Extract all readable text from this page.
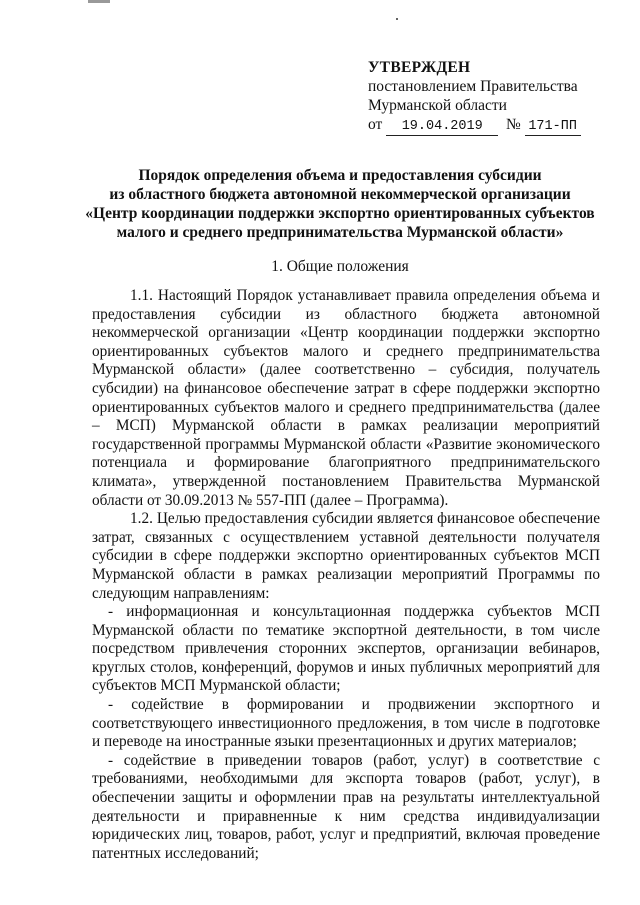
УТВЕРЖДЕН
постановлением Правительства
Мурманской области
от 19.04.2019 № 171-ПП
Порядок определения объема и предоставления субсидии
из областного бюджета автономной некоммерческой организации
«Центр координации поддержки экспортно ориентированных субъектов
малого и среднего предпринимательства Мурманской области»
1. Общие положения

1.1. Настоящий Порядок устанавливает правила определения объема и предоставления субсидии из областного бюджета автономной некоммерческой организации «Центр координации поддержки экспортно ориентированных субъектов малого и среднего предпринимательства Мурманской области» (далее соответственно – субсидия, получатель субсидии) на финансовое обеспечение затрат в сфере поддержки экспортно ориентированных субъектов малого и среднего предпринимательства (далее – МСП) Мурманской области в рамках реализации мероприятий государственной программы Мурманской области «Развитие экономического потенциала и формирование благоприятного предпринимательского климата», утвержденной постановлением Правительства Мурманской области от 30.09.2013 № 557-ПП (далее – Программа).

1.2. Целью предоставления субсидии является финансовое обеспечение затрат, связанных с осуществлением уставной деятельности получателя субсидии в сфере поддержки экспортно ориентированных субъектов МСП Мурманской области в рамках реализации мероприятий Программы по следующим направлениям:

- информационная и консультационная поддержка субъектов МСП Мурманской области по тематике экспортной деятельности, в том числе посредством привлечения сторонних экспертов, организации вебинаров, круглых столов, конференций, форумов и иных публичных мероприятий для субъектов МСП Мурманской области;

- содействие в формировании и продвижении экспортного и соответствующего инвестиционного предложения, в том числе в подготовке и переводе на иностранные языки презентационных и других материалов;

- содействие в приведении товаров (работ, услуг) в соответствие с требованиями, необходимыми для экспорта товаров (работ, услуг), в обеспечении защиты и оформлении прав на результаты интеллектуальной деятельности и приравненные к ним средства индивидуализации юридических лиц, товаров, работ, услуг и предприятий, включая проведение патентных исследований;
